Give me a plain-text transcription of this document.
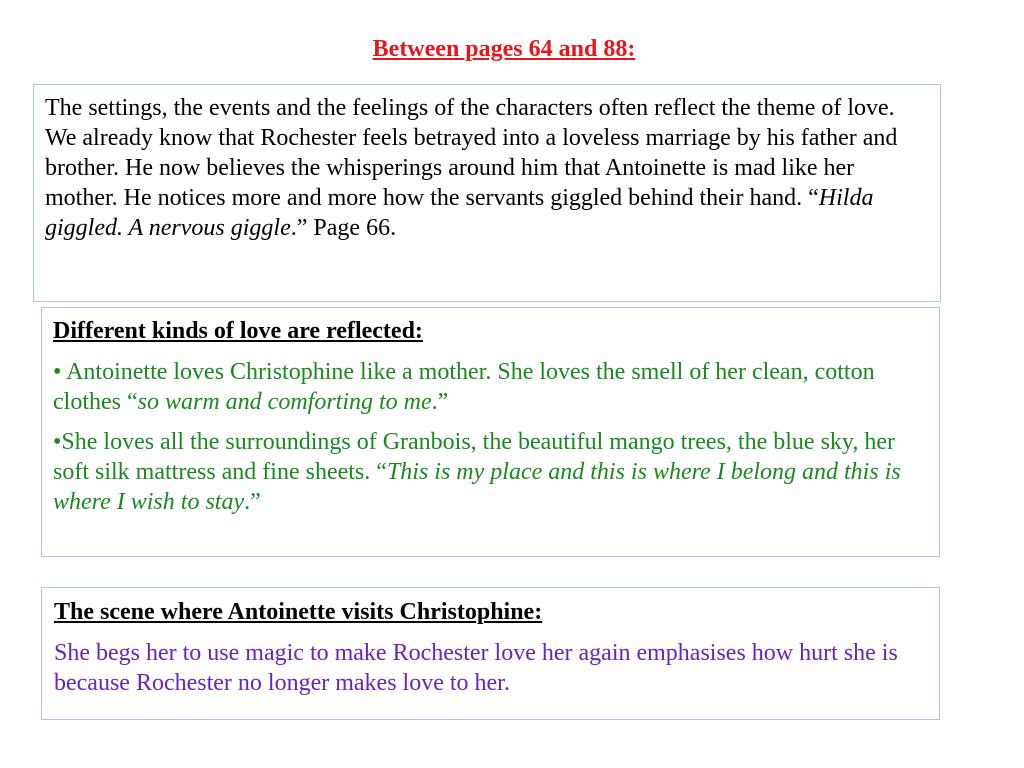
Between pages 64 and 88:

The settings, the events and the feelings of the characters often reflect the theme of love. We already know that Rochester feels betrayed into a loveless marriage by his father and brother. He now believes the whisperings around him that Antoinette is mad like her mother. He notices more and more how the servants giggled behind their hand. “Hilda giggled. A nervous giggle.” Page 66.

Different kinds of love are reflected:

• Antoinette loves Christophine like a mother. She loves the smell of her clean, cotton clothes “so warm and comforting to me.”

•She loves all the surroundings of Granbois, the beautiful mango trees, the blue sky, her soft silk mattress and fine sheets. “This is my place and this is where I belong and this is where I wish to stay.”

The scene where Antoinette visits Christophine:

She begs her to use magic to make Rochester love her again emphasises how hurt she is because Rochester no longer makes love to her.
